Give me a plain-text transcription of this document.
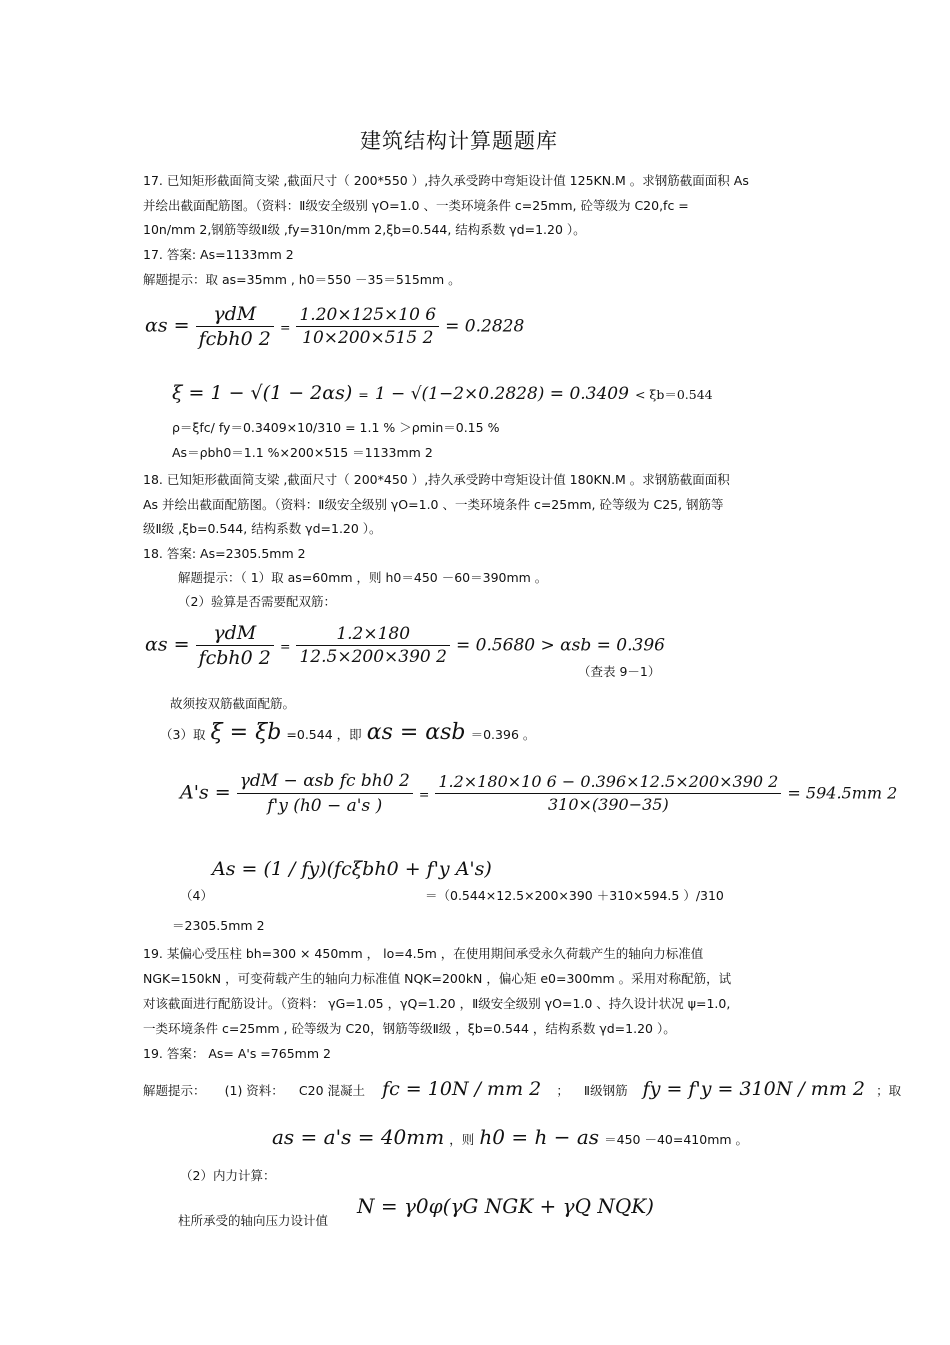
建筑结构计算题题库
17. 已知矩形截面简支梁 ,截面尺寸（ 200*550 ）,持久承受跨中弯矩设计值 125KN.M 。求钢筋截面面积 As
并绘出截面配筋图。（资料：Ⅱ级安全级别 γO=1.0 、一类环境条件 c=25mm, 砼等级为 C20,fc =
10n/mm 2,钢筋等级Ⅱ级 ,fy=310n/mm 2,ξb=0.544, 结构系数 γd=1.20 ）。
17. 答案: As=1133mm 2
解题提示：取 as=35mm , h0＝550 －35＝515mm 。
$\alpha s = \frac{\text{γdM}}{\text{fcbh0 2}} = \frac{1.20\times 125\times 10 6}{10\times 200\times 515 2} = 0.2828$
ξ = 1 − √(1 − 2αs) = 1 − √(1−2×0.2828) = 0.3409 < ξb＝0.544
ρ＝ξfc/ fy＝0.3409×10/310 = 1.1 % ＞ρmin＝0.15 %
As＝ρbh0＝1.1 %×200×515 ＝1133mm 2
18. 已知矩形截面简支梁 ,截面尺寸（ 200*450 ）,持久承受跨中弯矩设计值 180KN.M 。求钢筋截面面积
As 并绘出截面配筋图。（资料：Ⅱ级安全级别 γO=1.0 、一类环境条件 c=25mm, 砼等级为 C25, 钢筋等
级Ⅱ级 ,ξb=0.544, 结构系数 γd=1.20 ）。
18. 答案: As=2305.5mm 2
解题提示：（ 1）取 as=60mm ，则 h0＝450 －60＝390mm 。
（2）验算是否需要配双筋：
$\alpha s = \frac{\text{γdM}}{\text{fcbh0 2}} = \frac{1.2\times 180}{12.5\times 200\times 390 2} = 0.5680 > \alpha sb = 0.396$
（查表 9－1）
故须按双筋截面配筋。
（3）取 ξ = ξb =0.544 ，即 αs = αsb ＝0.396 。
$A's = \frac{\text{γdM − αsb fc bh0 2}}{f'y (h0 - a's )} = \frac{1.2\times 180\times 10 6 - 0.396\times 12.5\times 200\times 390 2}{310\times(390-35)} = 594.5mm$ 2
（4）
As = (1 / fy)(fcξbh0 + f'y A's)
＝（0.544×12.5×200×390 ＋310×594.5 ）/310
＝2305.5mm 2
19. 某偏心受压柱 bh=300 × 450mm ， lo=4.5m ，在使用期间承受永久荷载产生的轴向力标准值
NGK=150kN ，可变荷载产生的轴向力标准值 NQK=200kN ，偏心矩 e0=300mm 。采用对称配筋，试
对该截面进行配筋设计。（资料： γG=1.05 ，γQ=1.20 ，Ⅱ级安全级别 γO=1.0 、持久设计状况 ψ=1.0,
一类环境条件 c=25mm , 砼等级为 C20，钢筋等级Ⅱ级 ，ξb=0.544 ，结构系数 γd=1.20 ）。
19. 答案： As= A's =765mm 2
解题提示： (1) 资料： C20 混凝土 fc = 10N / mm 2 ； Ⅱ级钢筋 fy = f'y = 310N / mm 2 ；取
as = a's = 40mm ，则 h0 = h − as ＝450 －40=410mm 。
（2）内力计算：
柱所承受的轴向压力设计值
N = γ0φ(γG NGK + γQ NQK)
